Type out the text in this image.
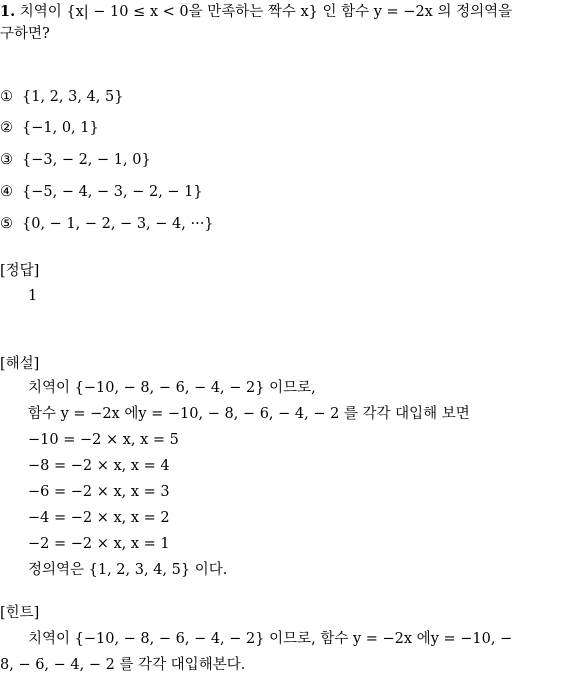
1. 치역이 {x| − 10 ≤ x < 0을 만족하는 짝수 x} 인 함수 y = −2x 의 정의역을
구하면?
① {1, 2, 3, 4, 5}
② {−1, 0, 1}
③ {−3, − 2, − 1, 0}
④ {−5, − 4, − 3, − 2, − 1}
⑤ {0, − 1, − 2, − 3, − 4, ···}
[정답]
1
[해설]
치역이 {−10, − 8, − 6, − 4, − 2} 이므로,
함수 y = −2x 에y = −10, − 8, − 6, − 4, − 2 를 각각 대입해 보면
−10 = −2 × x, x = 5
−8 = −2 × x, x = 4
−6 = −2 × x, x = 3
−4 = −2 × x, x = 2
−2 = −2 × x, x = 1
정의역은 {1, 2, 3, 4, 5} 이다.
[힌트]
치역이 {−10, − 8, − 6, − 4, − 2} 이므로, 함수 y = −2x 에y = −10, −
8, − 6, − 4, − 2 를 각각 대입해본다.
